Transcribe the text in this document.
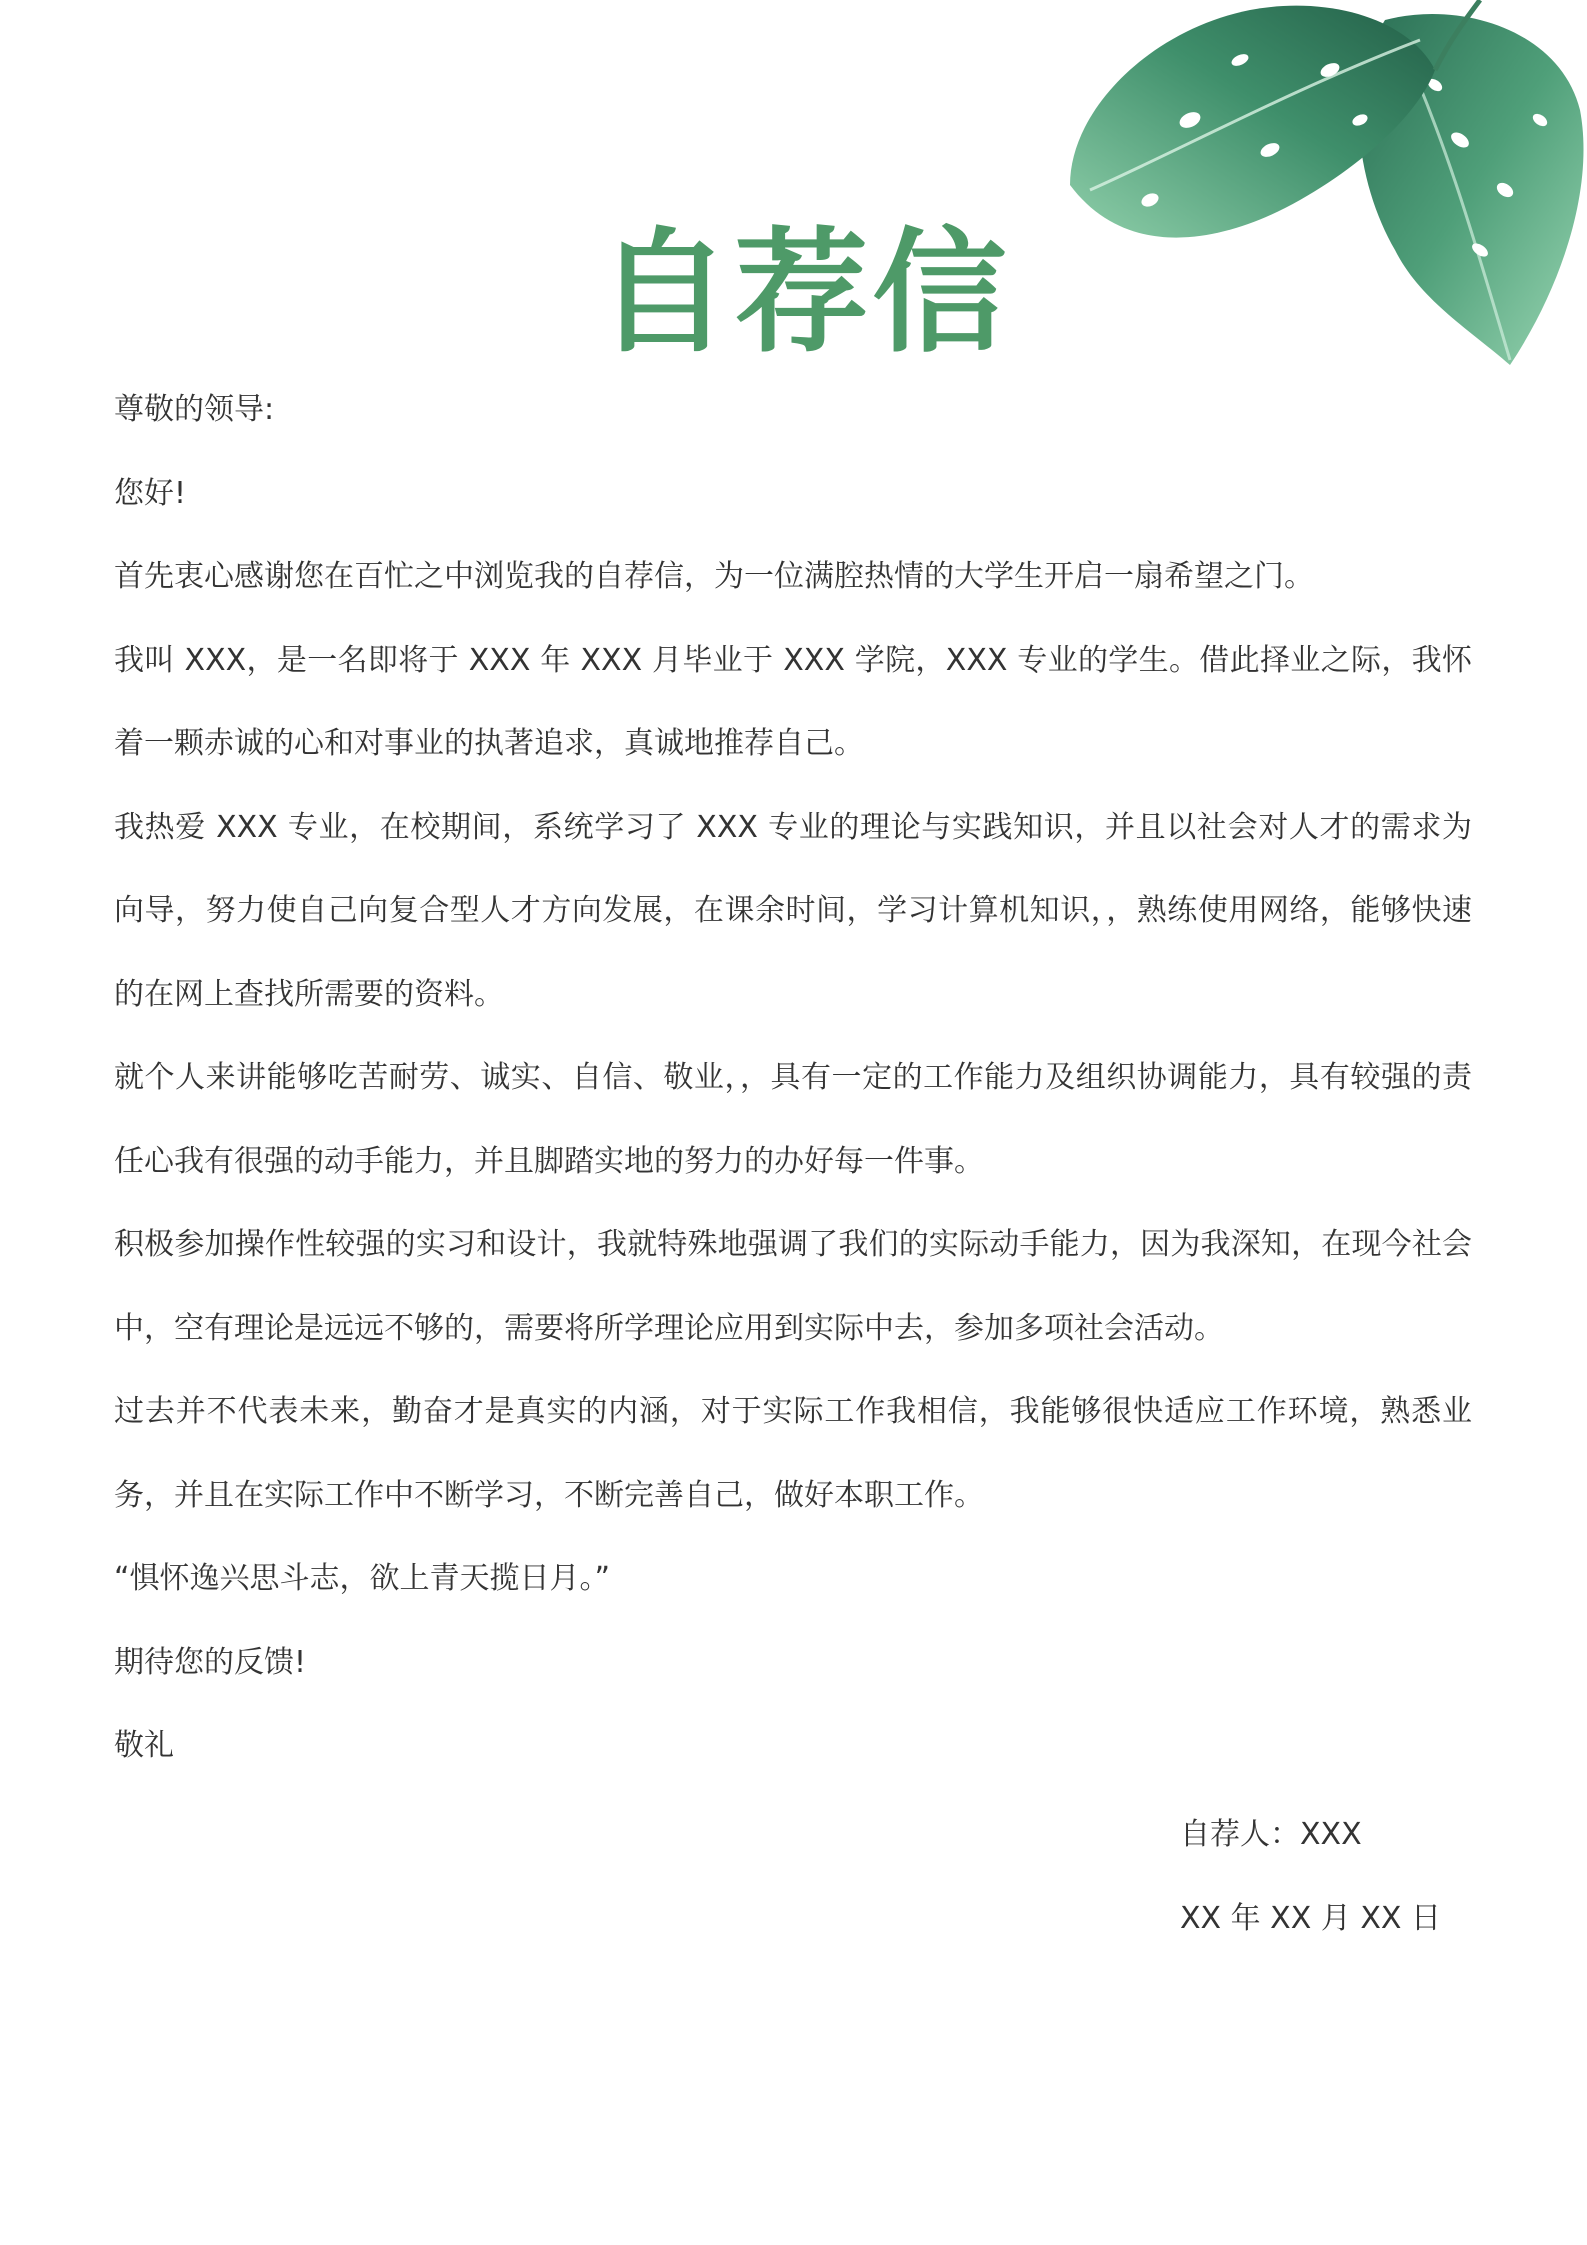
自荐信
尊敬的领导:
您好!
首先衷心感谢您在百忙之中浏览我的自荐信，为一位满腔热情的大学生开启一扇希望之门。
我叫 XXX，是一名即将于 XXX 年 XXX 月毕业于 XXX 学院，XXX 专业的学生。借此择业之际，我怀着一颗赤诚的心和对事业的执著追求，真诚地推荐自己。
我热爱 XXX 专业，在校期间，系统学习了 XXX 专业的理论与实践知识，并且以社会对人才的需求为向导，努力使自己向复合型人才方向发展，在课余时间，学习计算机知识，，熟练使用网络，能够快速的在网上查找所需要的资料。
就个人来讲能够吃苦耐劳、诚实、自信、敬业，，具有一定的工作能力及组织协调能力，具有较强的责任心我有很强的动手能力，并且脚踏实地的努力的办好每一件事。
积极参加操作性较强的实习和设计，我就特殊地强调了我们的实际动手能力，因为我深知，在现今社会中，空有理论是远远不够的，需要将所学理论应用到实际中去，参加多项社会活动。
过去并不代表未来，勤奋才是真实的内涵，对于实际工作我相信，我能够很快适应工作环境，熟悉业务，并且在实际工作中不断学习，不断完善自己，做好本职工作。
“惧怀逸兴思斗志，欲上青天揽日月。”
期待您的反馈!
敬礼
自荐人：XXX
XX 年 XX 月 XX 日
